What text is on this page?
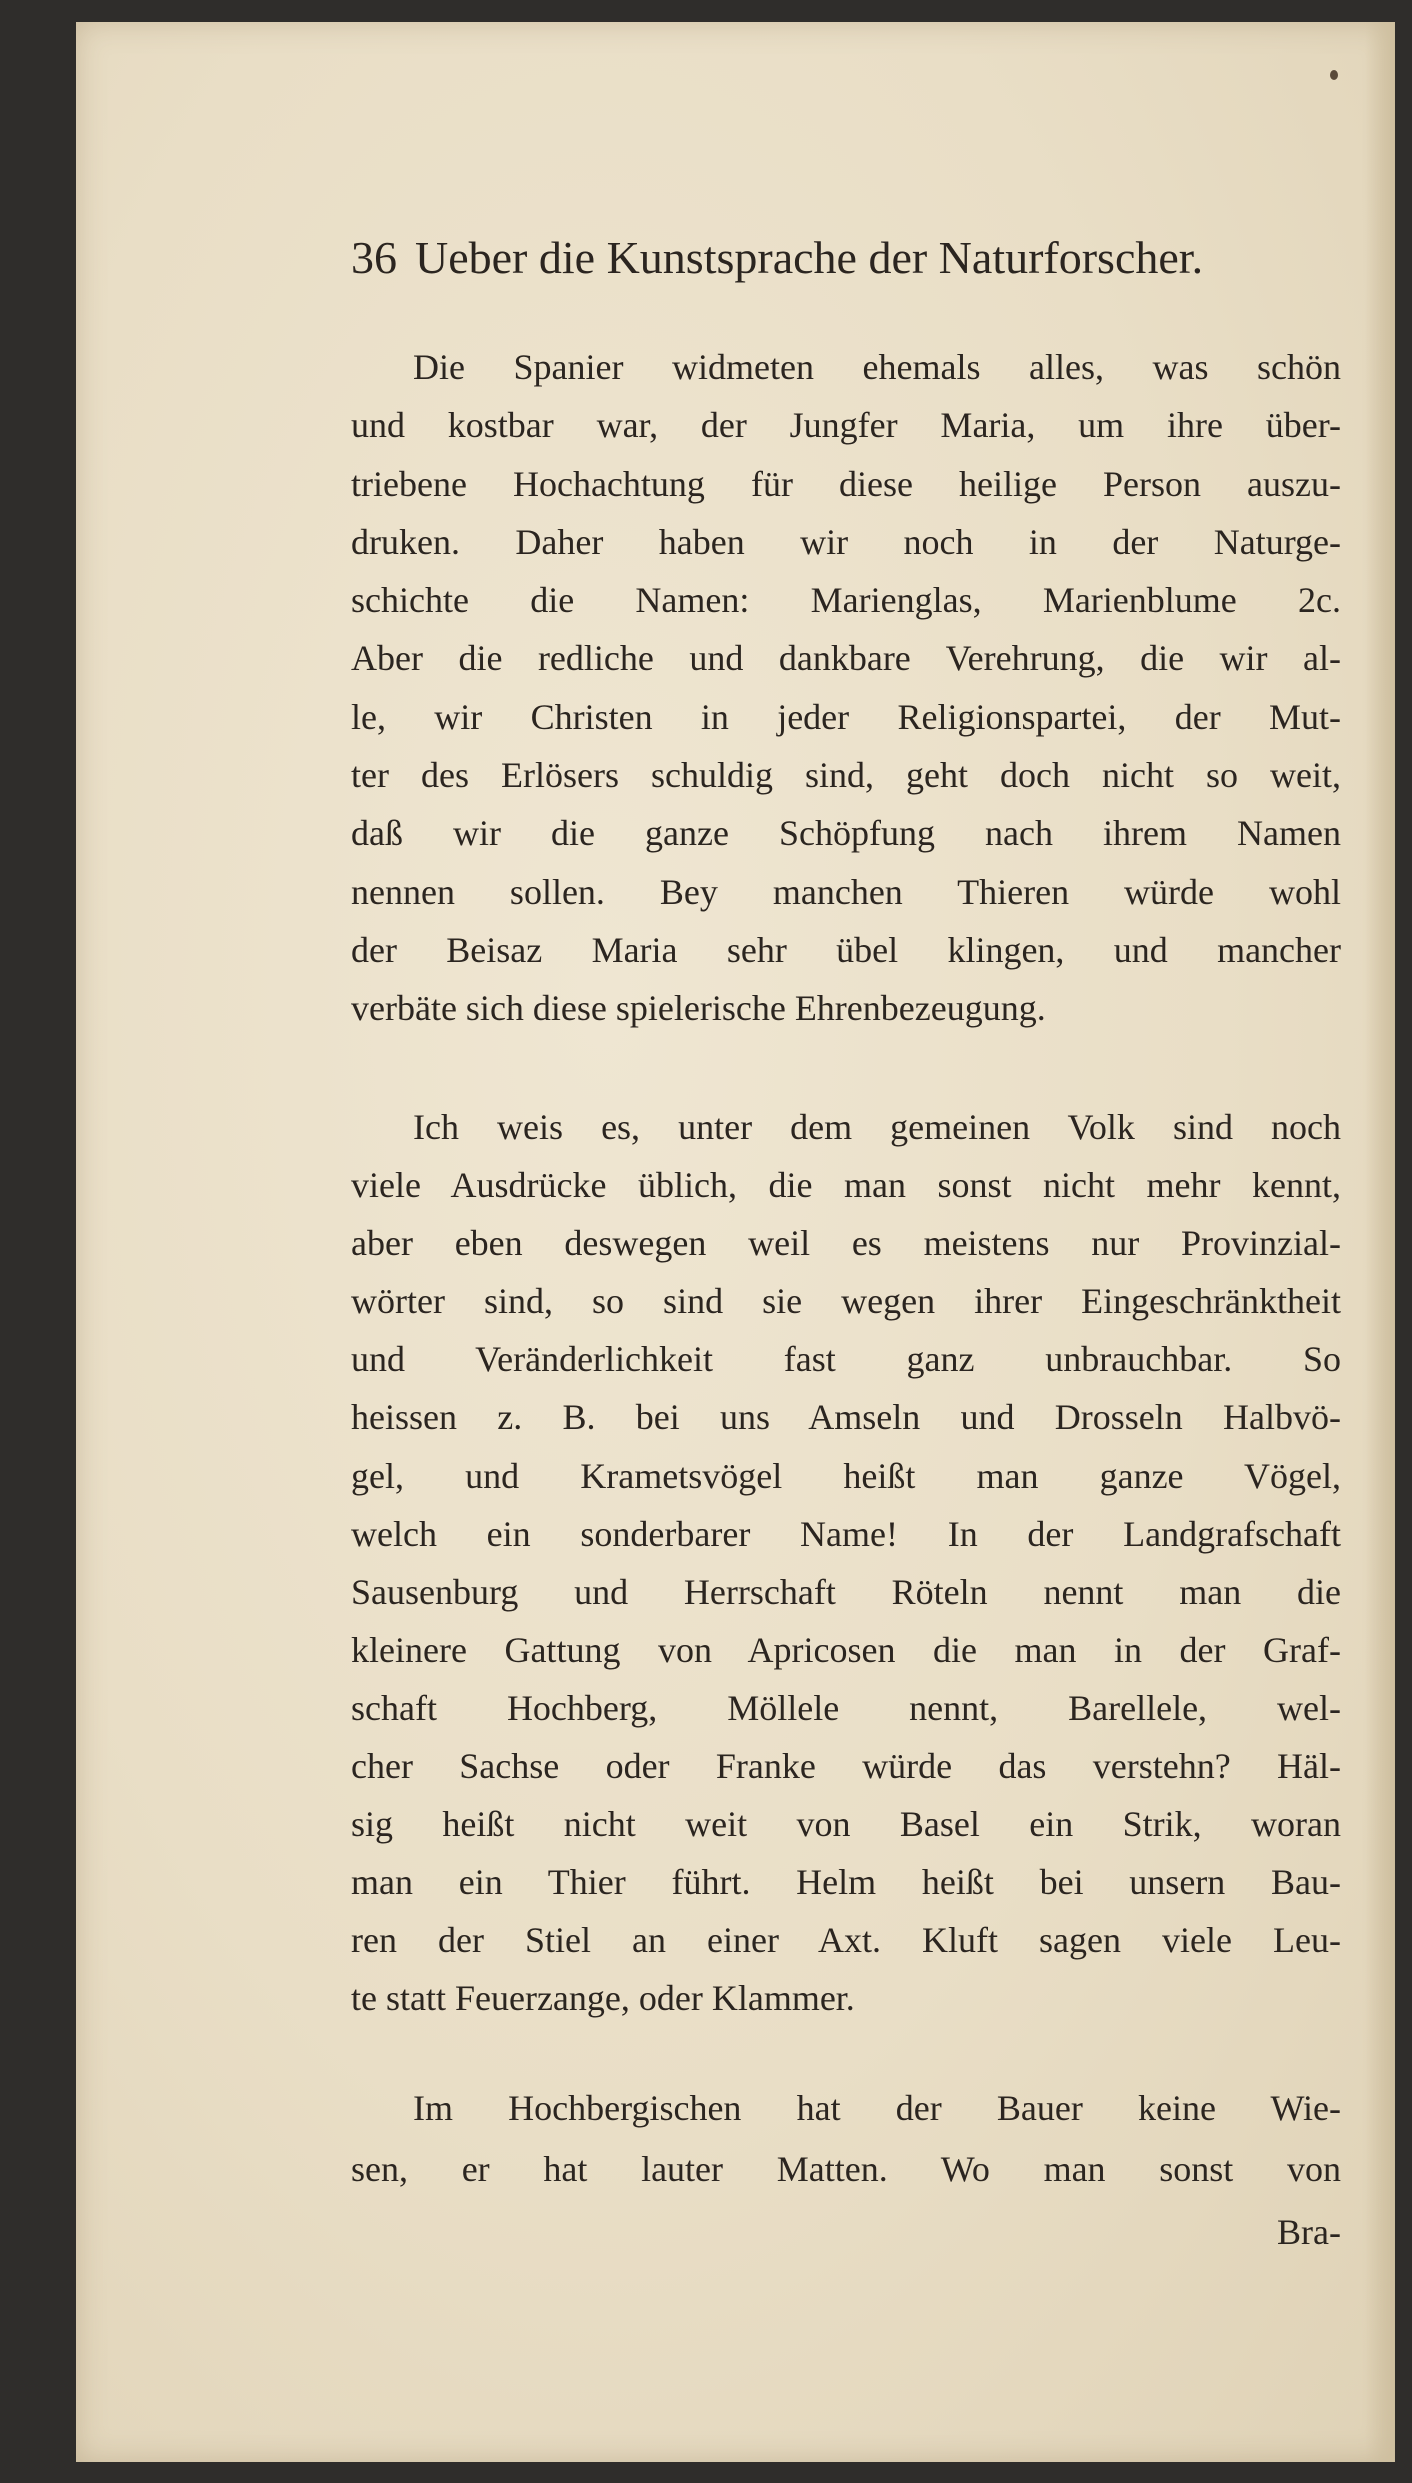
36 Ueber die Kunstsprache der Naturforscher.
Die Spanier widmeten ehemals alles, was schön
und kostbar war, der Jungfer Maria, um ihre über-
triebene Hochachtung für diese heilige Person auszu-
druken. Daher haben wir noch in der Naturge-
schichte die Namen: Marienglas, Marienblume 2c.
Aber die redliche und dankbare Verehrung, die wir al-
le, wir Christen in jeder Religionspartei, der Mut-
ter des Erlösers schuldig sind, geht doch nicht so weit,
daß wir die ganze Schöpfung nach ihrem Namen
nennen sollen. Bey manchen Thieren würde wohl
der Beisaz Maria sehr übel klingen, und mancher
verbäte sich diese spielerische Ehrenbezeugung.
Ich weis es, unter dem gemeinen Volk sind noch
viele Ausdrücke üblich, die man sonst nicht mehr kennt,
aber eben deswegen weil es meistens nur Provinzial-
wörter sind, so sind sie wegen ihrer Eingeschränktheit
und Veränderlichkeit fast ganz unbrauchbar. So
heissen z. B. bei uns Amseln und Drosseln Halbvö-
gel, und Krametsvögel heißt man ganze Vögel,
welch ein sonderbarer Name! In der Landgrafschaft
Sausenburg und Herrschaft Röteln nennt man die
kleinere Gattung von Apricosen die man in der Graf-
schaft Hochberg, Möllele nennt, Barellele, wel-
cher Sachse oder Franke würde das verstehn? Häl-
sig heißt nicht weit von Basel ein Strik, woran
man ein Thier führt. Helm heißt bei unsern Bau-
ren der Stiel an einer Axt. Kluft sagen viele Leu-
te statt Feuerzange, oder Klammer.
Im Hochbergischen hat der Bauer keine Wie-
sen, er hat lauter Matten. Wo man sonst von
Bra-
